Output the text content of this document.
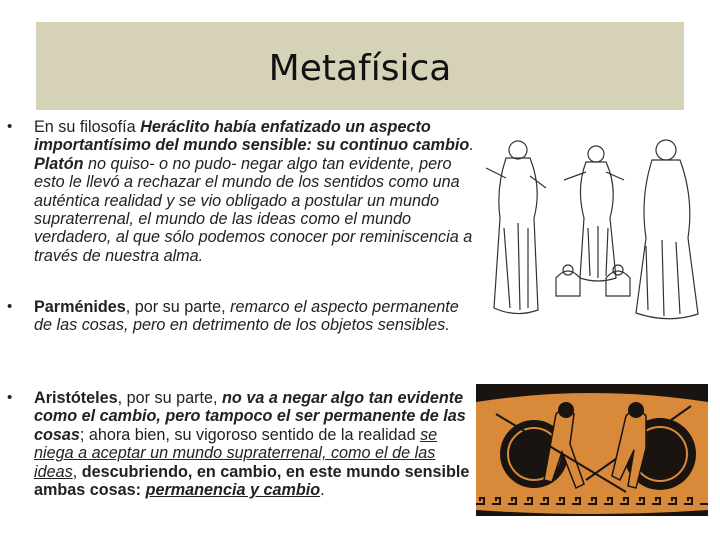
Metafísica
• En su filosofía Heráclito había enfatizado un aspecto importantísimo del mundo sensible: su continuo cambio. Platón no quiso- o no pudo- negar algo tan evidente, pero esto le llevó a rechazar el mundo de los sentidos como una auténtica realidad y se vio obligado a postular un mundo supraterrenal, el mundo de las ideas como el mundo verdadero, al que sólo podemos conocer por reminiscencia a través de nuestra alma.
• Parménides, por su parte, remarco el aspecto permanente de las cosas, pero en detrimento de los objetos sensibles.
• Aristóteles, por su parte, no va a negar algo tan evidente como el cambio, pero tampoco el ser permanente de las cosas; ahora bien, su vigoroso sentido de la realidad se niega a aceptar un mundo supraterrenal, como el de las ideas, descubriendo, en cambio, en este mundo sensible ambas cosas: permanencia y cambio.
